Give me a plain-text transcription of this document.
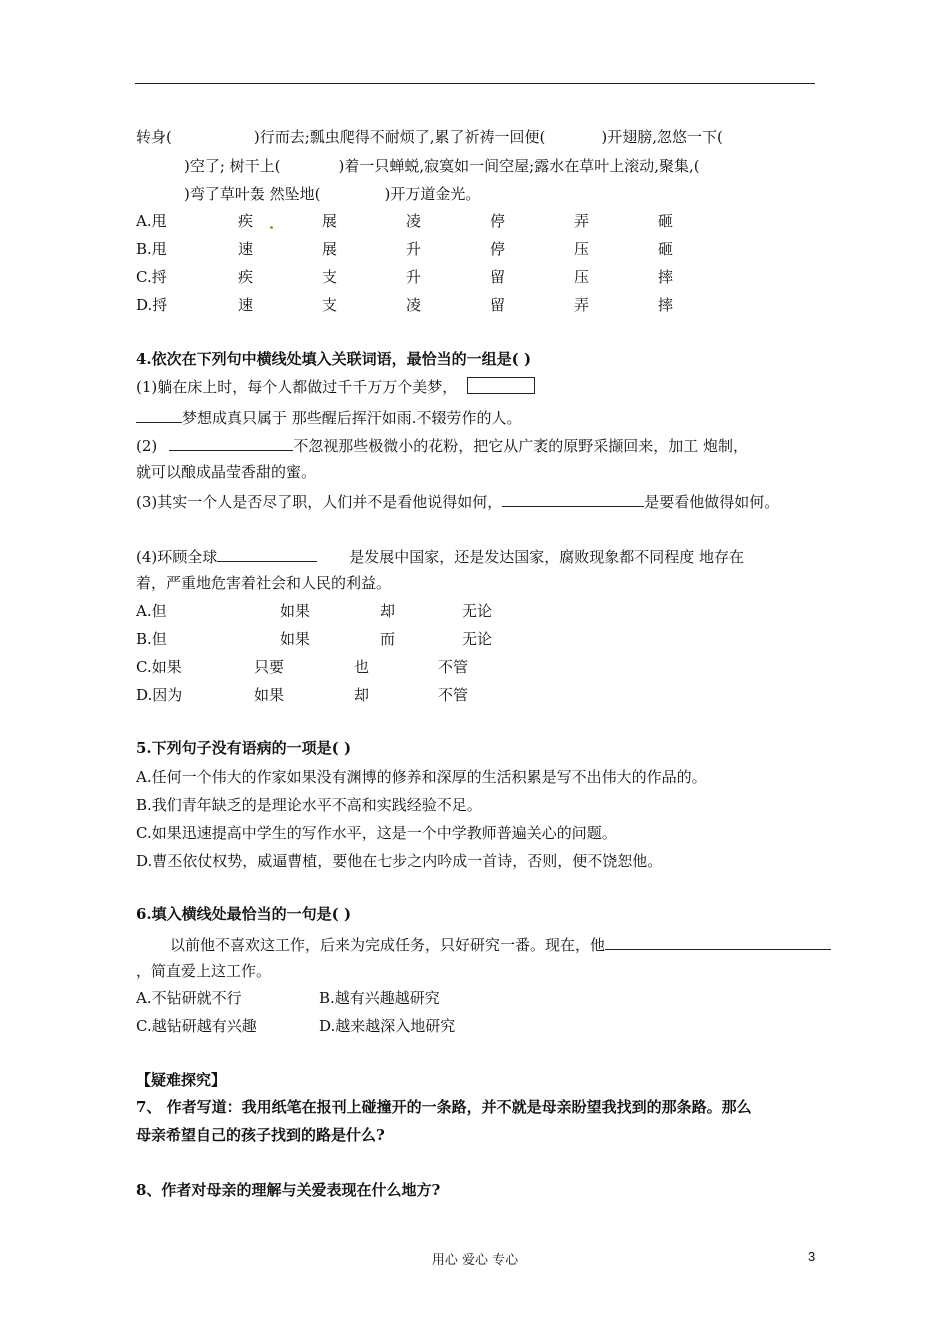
转身(	)行而去;瓢虫爬得不耐烦了,累了祈祷一回便(	)开翅膀,忽悠一下(
)空了; 树干上(	)着一只蝉蜕,寂寞如一间空屋;露水在草叶上滚动,聚集,(
)弯了草叶轰 然坠地(	)开万道金光。
A.甩	疾	展	凌	停	弄	砸
B.甩	速	展	升	停	压	砸
C.捋	疾	支	升	留	压	摔
D.捋	速	支	凌	留	弄	摔
4.依次在下列句中横线处填入关联词语，最恰当的一组是( )
(1)躺在床上时，每个人都做过千千万万个美梦，
梦想成真只属于 那些醒后挥汗如雨.不辍劳作的人。
(2)	不忽视那些极微小的花粉，把它从广袤的原野采撷回来，加工 炮制，
就可以酿成晶莹香甜的蜜。
(3)其实一个人是否尽了职，人们并不是看他说得如何，	是要看他做得如何。
(4)环顾全球	是发展中国家，还是发达国家，腐败现象都不同程度 地存在
着，严重地危害着社会和人民的利益。
A.但	如果	却	无论
B.但	如果	而	无论
C.如果	只要	也	不管
D.因为	如果	却	不管
5.下列句子没有语病的一项是( )
A.任何一个伟大的作家如果没有渊博的修养和深厚的生活积累是写不出伟大的作品的。
B.我们青年缺乏的是理论水平不高和实践经验不足。
C.如果迅速提高中学生的写作水平，这是一个中学教师普遍关心的问题。
D.曹丕依仗权势，威逼曹植，要他在七步之内吟成一首诗，否则，便不饶恕他。
6.填入横线处最恰当的一句是( )
以前他不喜欢这工作，后来为完成任务，只好研究一番。现在，他
，简直爱上这工作。
A.不钻研就不行	B.越有兴趣越研究
C.越钻研越有兴趣	D.越来越深入地研究
【疑难探究】
7、 作者写道：我用纸笔在报刊上碰撞开的一条路，并不就是母亲盼望我找到的那条路。那么
母亲希望自己的孩子找到的路是什么?
8、作者对母亲的理解与关爱表现在什么地方?
用心 爱心 专心	3
